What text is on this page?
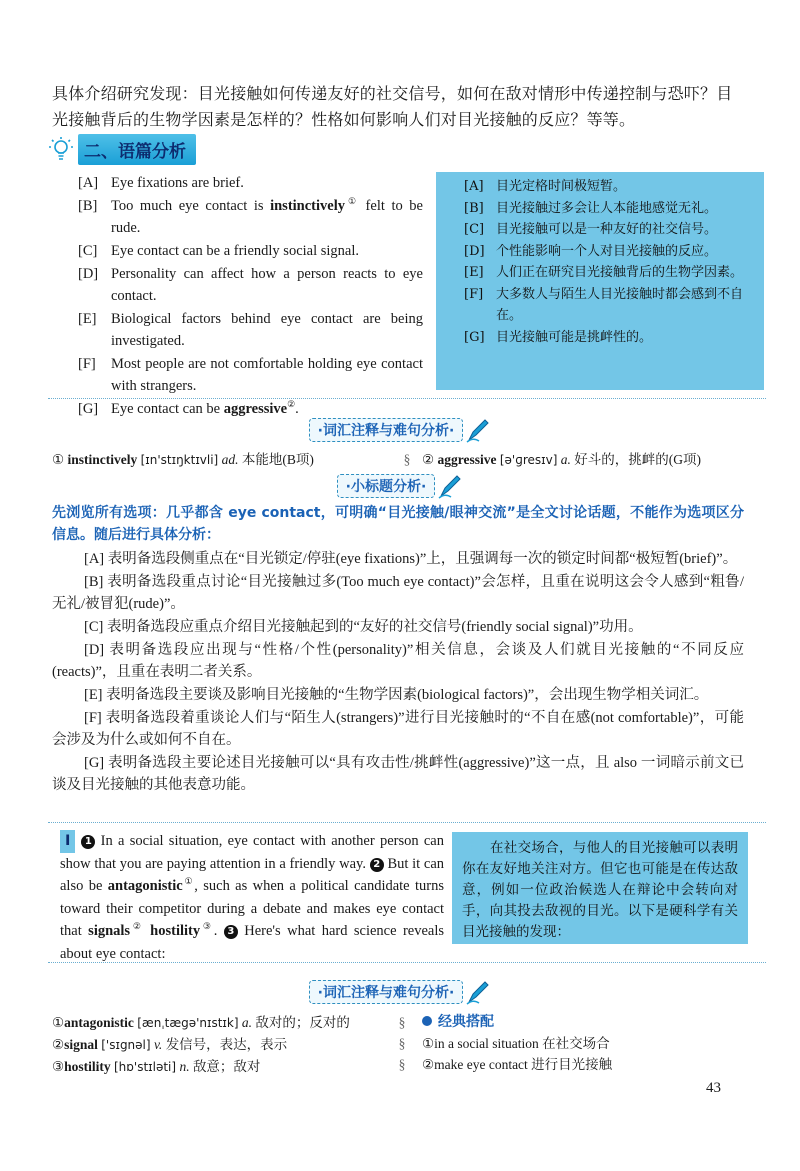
具体介绍研究发现：目光接触如何传递友好的社交信号，如何在敌对情形中传递控制与恐吓？目光接触背后的生物学因素是怎样的？性格如何影响人们对目光接触的反应？等等。
二、语篇分析
[A] Eye fixations are brief.
[B] Too much eye contact is instinctively① felt to be rude.
[C] Eye contact can be a friendly social signal.
[D] Personality can affect how a person reacts to eye contact.
[E] Biological factors behind eye contact are being investigated.
[F]	Most people are not comfortable holding eye contact with strangers.
[G] Eye contact can be aggressive②.
[A] 目光定格时间极短暂。
[B] 目光接触过多会让人本能地感觉无礼。
[C] 目光接触可以是一种友好的社交信号。
[D] 个性能影响一个人对目光接触的反应。
[E] 人们正在研究目光接触背后的生物学因素。
[F] 大多数人与陌生人目光接触时都会感到不自在。
[G] 目光接触可能是挑衅性的。
·词汇注释与难句分析·
① instinctively [ɪn'stɪŋktɪvli] ad. 本能地(B项)	§ ② aggressive [ə'ɡresɪv] a. 好斗的，挑衅的(G项)
·小标题分析·
先浏览所有选项：几乎都含 eye contact，可明确“目光接触/眼神交流”是全文讨论话题，不能作为选项区分信息。随后进行具体分析：

[A] 表明备选段侧重点在“目光锁定/停驻(eye fixations)”上，且强调每一次的锁定时间都“极短暂(brief)”。

[B] 表明备选段重点讨论“目光接触过多(Too much eye contact)”会怎样，且重在说明这会令人感到“粗鲁/无礼/被冒犯(rude)”。

[C] 表明备选段应重点介绍目光接触起到的“友好的社交信号(friendly social signal)”功用。

[D] 表明备选段应出现与“性格/个性(personality)”相关信息，会谈及人们就目光接触的“不同反应(reacts)”，且重在表明二者关系。

[E] 表明备选段主要谈及影响目光接触的“生物学因素(biological factors)”，会出现生物学相关词汇。

[F] 表明备选段着重谈论人们与“陌生人(strangers)”进行目光接触时的“不自在感(not comfortable)”，可能会涉及为什么或如何不自在。

[G] 表明备选段主要论述目光接触可以“具有攻击性/挑衅性(aggressive)”这一点，且 also 一词暗示前文已谈及目光接触的其他表意功能。

I 1 In a social situation, eye contact with another person can show that you are paying attention in a friendly way. 2 But it can also be antagonistic①, such as when a political candidate turns toward their competitor during a debate and makes eye contact that signals② hostility③. 3 Here's what hard science reveals about eye contact:

在社交场合，与他人的目光接触可以表明你在友好地关注对方。但它也可能是在传达敌意，例如一位政治候选人在辩论中会转向对手，向其投去敌视的目光。以下是硬科学有关目光接触的发现：

·词汇注释与难句分析·
①antagonistic [ænˌtægə'nɪstɪk] a. 敌对的；反对的
②signal ['sɪgnəl] v. 发信号，表达，表示
③hostility [hɒ'stɪləti] n. 敌意；敌对
§
§
§
经典搭配
①in a social situation 在社交场合
②make eye contact 进行目光接触
43
